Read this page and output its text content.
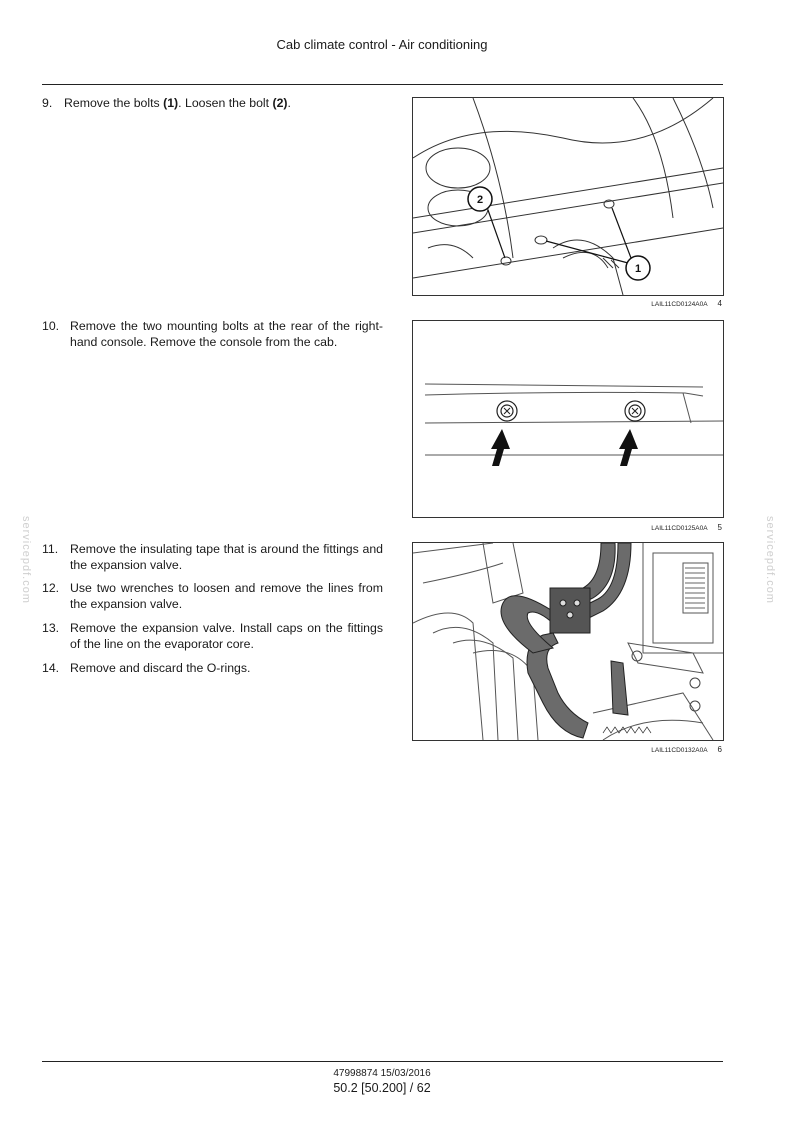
Cab climate control - Air conditioning
9. Remove the bolts (1). Loosen the bolt (2).
10. Remove the two mounting bolts at the rear of the right-hand console. Remove the console from the cab.
11. Remove the insulating tape that is around the fittings and the expansion valve.
12. Use two wrenches to loosen and remove the lines from the expansion valve.
13. Remove the expansion valve. Install caps on the fittings of the line on the evaporator core.
14. Remove and discard the O-rings.
2
1
LAIL11CD0124A0A 4
LAIL11CD0125A0A 5
LAIL11CD0132A0A 6
servicepdf.com	servicepdf.com
47998874 15/03/2016
50.2 [50.200] / 62
